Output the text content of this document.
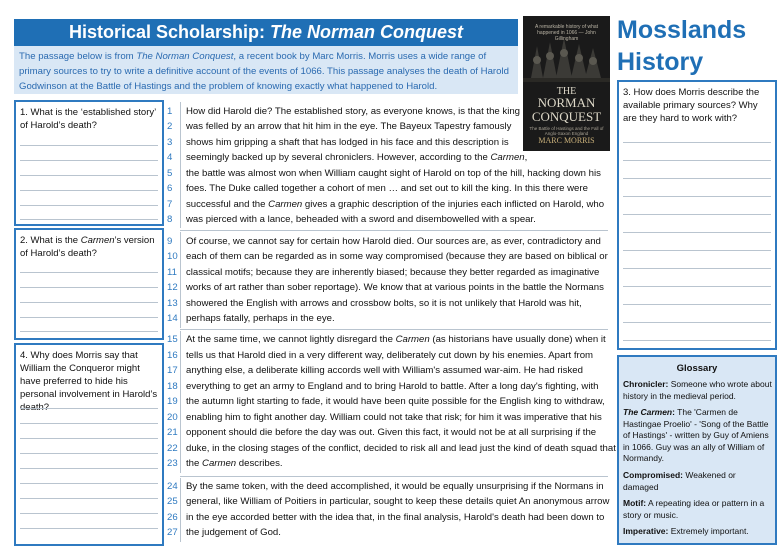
Historical Scholarship: The Norman Conquest
The passage below is from The Norman Conquest, a recent book by Marc Morris. Morris uses a wide range of primary sources to try to write a definitive account of the events of 1066. This passage analyses the death of Harold Godwinson at the Battle of Hastings and the problem of knowing exactly what happened to Harold.
A remarkable history of what happened in 1066 — John Gillingham
THE
NORMAN CONQUEST
The Battle of Hastings and the Fall of Anglo-Saxon England
MARC MORRIS
Mosslands
History
1. What is the ‘established story’ of Harold’s death?
2. What is the Carmen’s version of Harold’s death?
4. Why does Morris say that William the Conqueror might have preferred to hide his personal involvement in Harold’s death?
3. How does Morris describe the available primary sources? Why are they hard to work with?
1 How did Harold die? The established story, as everyone knows, is that the king
2 was felled by an arrow that hit him in the eye. The Bayeux Tapestry famously
3 shows him gripping a shaft that has lodged in his face and this description is
4 seemingly backed up by several chroniclers. However, according to the Carmen,
5 the battle was almost won when William caught sight of Harold on top of the hill, hacking down his
6 foes. The Duke called together a cohort of men … and set out to kill the king. In this there were
7 successful and the Carmen gives a graphic description of the injuries each inflicted on Harold, who
8 was pierced with a lance, beheaded with a sword and disembowelled with a spear.
9 Of course, we cannot say for certain how Harold died. Our sources are, as ever, contradictory and
10 each of them can be regarded as in some way compromised (because they are based on biblical or
11 classical motifs; because they are inherently biased; because they better regarded as imaginative
12 works of art rather than sober reportage). We know that at various points in the battle the Normans
13 showered the English with arrows and crossbow bolts, so it is not unlikely that Harold was hit,
14 perhaps fatally, perhaps in the eye.
15 At the same time, we cannot lightly disregard the Carmen (as historians have usually done) when it
16 tells us that Harold died in a very different way, deliberately cut down by his enemies. Apart from
17 anything else, a deliberate killing accords well with William's assumed war-aim. He had risked
18 everything to get an army to England and to bring Harold to battle. After a long day's fighting, with
19 the autumn light starting to fade, it would have been quite possible for the English king to withdraw,
20 enabling him to fight another day. William could not take that risk; for him it was imperative that his
21 opponent should die before the day was out. Given this fact, it would not be at all surprising if the
22 duke, in the closing stages of the conflict, decided to risk all and lead just the kind of death squad that
23 the Carmen describes.
24 By the same token, with the deed accomplished, it would be equally unsurprising if the Normans in
25 general, like William of Poitiers in particular, sought to keep these details quiet An anonymous arrow
26 in the eye accorded better with the idea that, in the final analysis, Harold's death had been down to
27 the judgement of God.
Glossary
Chronicler: Someone who wrote about history in the medieval period.
The Carmen: The 'Carmen de Hastingae Proelio' - 'Song of the Battle of Hastings' - written by Guy of Amiens in 1066. Guy was an ally of William of Normandy.
Compromised: Weakened or damaged
Motif: A repeating idea or pattern in a story or music.
Imperative: Extremely important.
